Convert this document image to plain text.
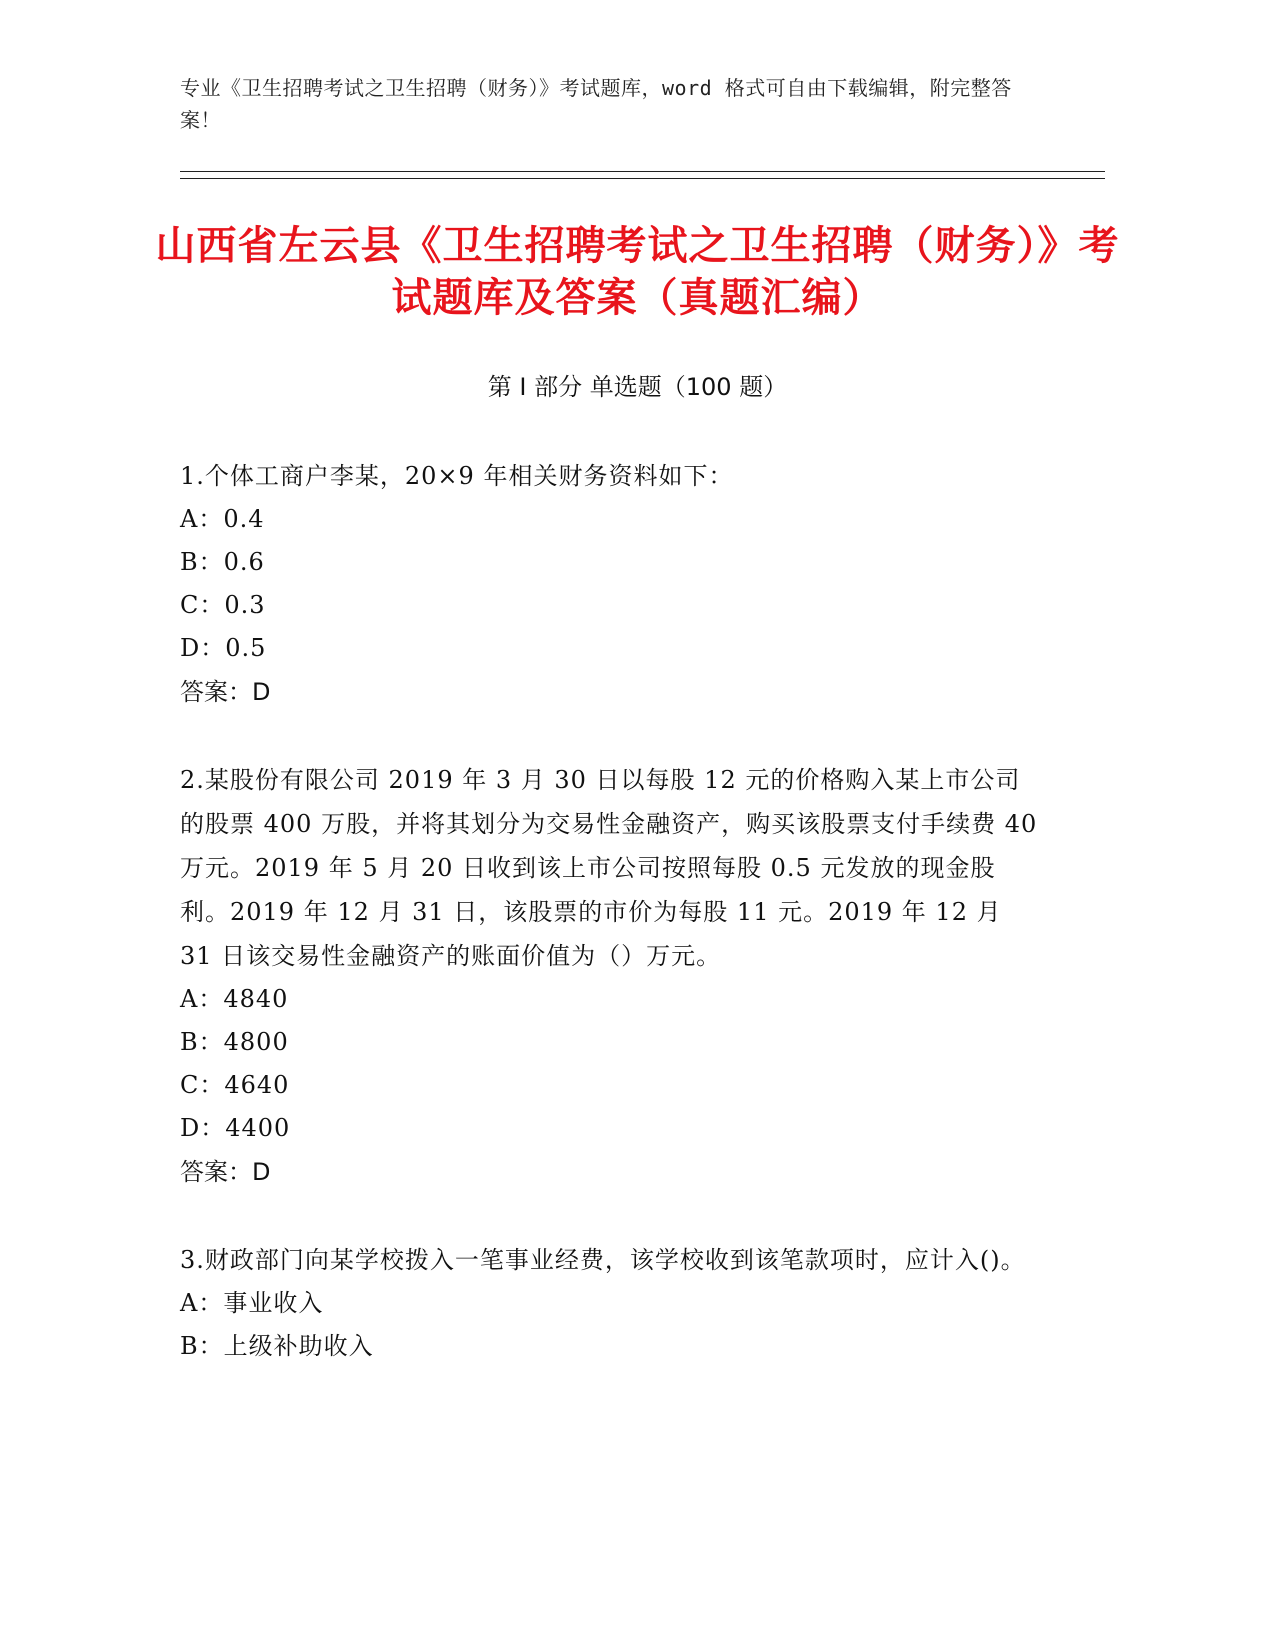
专业《卫生招聘考试之卫生招聘（财务）》考试题库，word 格式可自由下载编辑，附完整答案！
山西省左云县《卫生招聘考试之卫生招聘（财务）》考试题库及答案（真题汇编）
第 I 部分 单选题（100 题）

1.个体工商户李某，20×9 年相关财务资料如下：

A：0.4
B：0.6
C：0.3
D：0.5
答案：D

2.某股份有限公司 2019 年 3 月 30 日以每股 12 元的价格购入某上市公司的股票 400 万股，并将其划分为交易性金融资产，购买该股票支付手续费 40 万元。2019 年 5 月 20 日收到该上市公司按照每股 0.5 元发放的现金股利。2019 年 12 月 31 日，该股票的市价为每股 11 元。2019 年 12 月 31 日该交易性金融资产的账面价值为（）万元。

A：4840
B：4800
C：4640
D：4400
答案：D

3.财政部门向某学校拨入一笔事业经费，该学校收到该笔款项时，应计入()。

A：事业收入
B：上级补助收入
